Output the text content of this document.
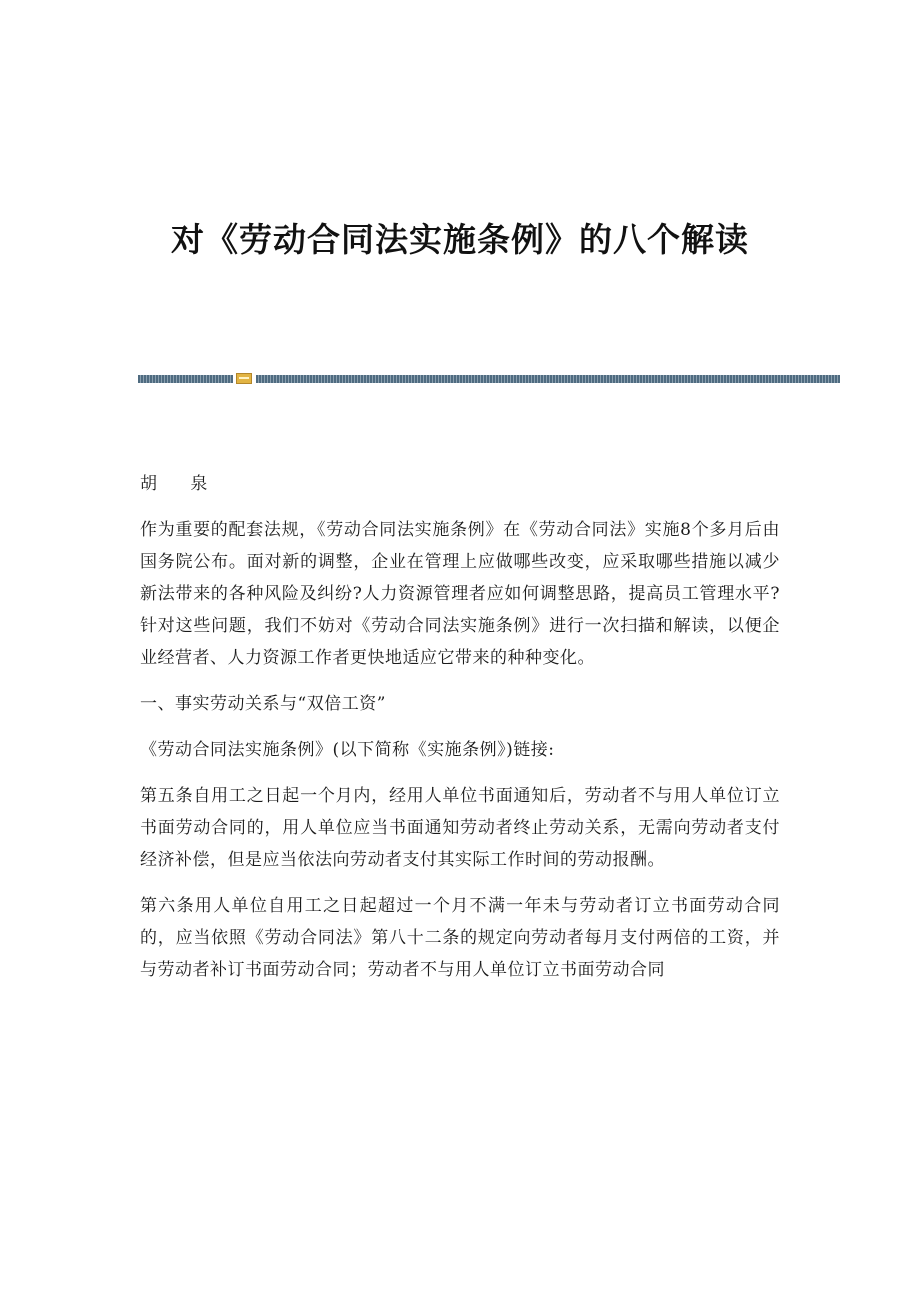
对《劳动合同法实施条例》的八个解读

胡 泉

作为重要的配套法规，《劳动合同法实施条例》在《劳动合同法》实施8个多月后由国务院公布。面对新的调整，企业在管理上应做哪些改变，应采取哪些措施以减少新法带来的各种风险及纠纷?人力资源管理者应如何调整思路，提高员工管理水平?针对这些问题，我们不妨对《劳动合同法实施条例》进行一次扫描和解读，以便企业经营者、人力资源工作者更快地适应它带来的种种变化。

一、事实劳动关系与“双倍工资”

《劳动合同法实施条例》(以下简称《实施条例》)链接:

第五条自用工之日起一个月内，经用人单位书面通知后，劳动者不与用人单位订立书面劳动合同的，用人单位应当书面通知劳动者终止劳动关系，无需向劳动者支付经济补偿，但是应当依法向劳动者支付其实际工作时间的劳动报酬。

第六条用人单位自用工之日起超过一个月不满一年未与劳动者订立书面劳动合同的，应当依照《劳动合同法》第八十二条的规定向劳动者每月支付两倍的工资，并与劳动者补订书面劳动合同；劳动者不与用人单位订立书面劳动合同
